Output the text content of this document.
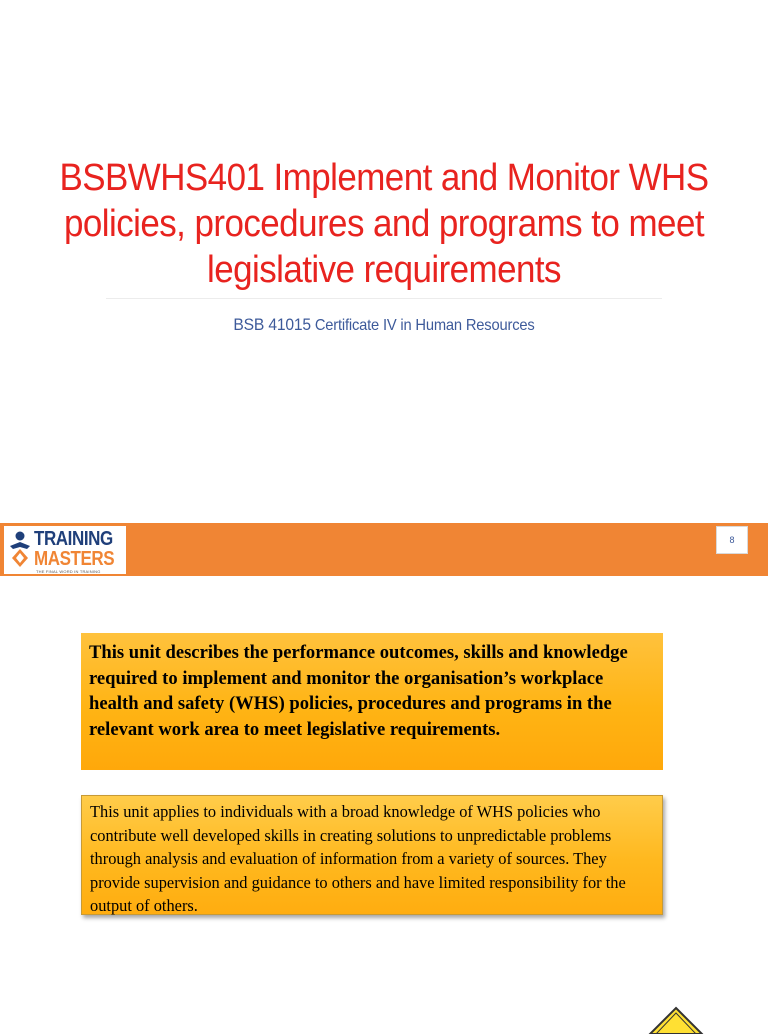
BSBWHS401 Implement and Monitor WHS
policies, procedures and programs to meet
legislative requirements
BSB 41015 Certificate IV in Human Resources
TRAINING
MASTERS
THE FINAL WORD IN TRAINING
8
This unit describes the performance outcomes, skills and knowledge required to implement and monitor the organisation’s workplace health and safety (WHS) policies, procedures and programs in the relevant work area to meet legislative requirements.
This unit applies to individuals with a broad knowledge of WHS policies who contribute well developed skills in creating solutions to unpredictable problems through analysis and evaluation of information from a variety of sources. They provide supervision and guidance to others and have limited responsibility for the output of others.
